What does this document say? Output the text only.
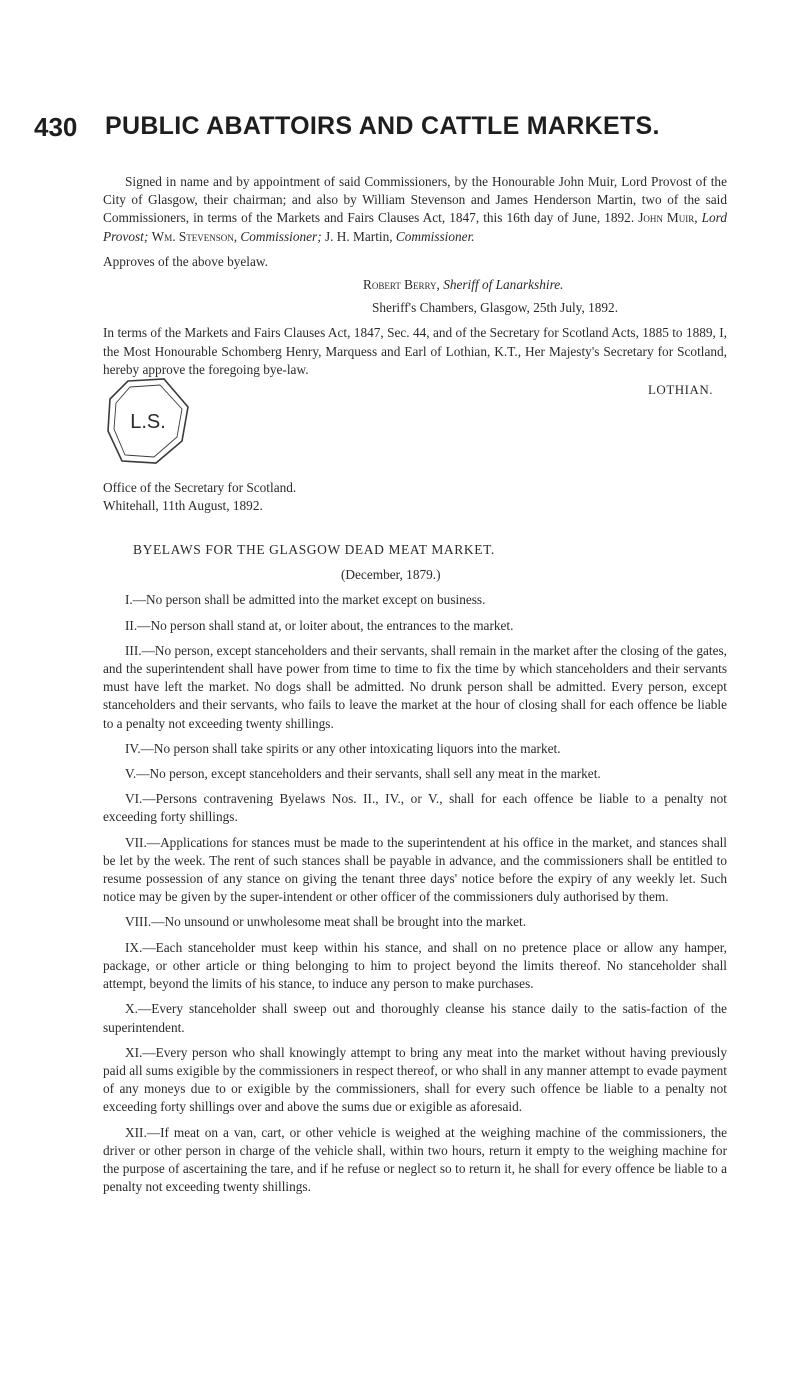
430 PUBLIC ABATTOIRS AND CATTLE MARKETS.

Signed in name and by appointment of said Commissioners, by the Honourable John Muir, Lord Provost of the City of Glasgow, their chairman; and also by William Stevenson and James Henderson Martin, two of the said Commissioners, in terms of the Markets and Fairs Clauses Act, 1847, this 16th day of June, 1892. John Muir, Lord Provost; Wm. Stevenson, Commissioner; J. H. Martin, Commissioner.

Approves of the above byelaw.

Robert Berry, Sheriff of Lanarkshire.

Sheriff's Chambers, Glasgow, 25th July, 1892.

In terms of the Markets and Fairs Clauses Act, 1847, Sec. 44, and of the Secretary for Scotland Acts, 1885 to 1889, I, the Most Honourable Schomberg Henry, Marquess and Earl of Lothian, K.T., Her Majesty's Secretary for Scotland, hereby approve the foregoing bye-law.

L.S.
LOTHIAN.
Office of the Secretary for Scotland.
Whitehall, 11th August, 1892.

BYELAWS FOR THE GLASGOW DEAD MEAT MARKET.

(December, 1879.)

I.—No person shall be admitted into the market except on business.

II.—No person shall stand at, or loiter about, the entrances to the market.

III.—No person, except stanceholders and their servants, shall remain in the market after the closing of the gates, and the superintendent shall have power from time to time to fix the time by which stanceholders and their servants must have left the market. No dogs shall be admitted. No drunk person shall be admitted. Every person, except stanceholders and their servants, who fails to leave the market at the hour of closing shall for each offence be liable to a penalty not exceeding twenty shillings.

IV.—No person shall take spirits or any other intoxicating liquors into the market.

V.—No person, except stanceholders and their servants, shall sell any meat in the market.

VI.—Persons contravening Byelaws Nos. II., IV., or V., shall for each offence be liable to a penalty not exceeding forty shillings.

VII.—Applications for stances must be made to the superintendent at his office in the market, and stances shall be let by the week. The rent of such stances shall be payable in advance, and the commissioners shall be entitled to resume possession of any stance on giving the tenant three days' notice before the expiry of any weekly let. Such notice may be given by the super-intendent or other officer of the commissioners duly authorised by them.

VIII.—No unsound or unwholesome meat shall be brought into the market.

IX.—Each stanceholder must keep within his stance, and shall on no pretence place or allow any hamper, package, or other article or thing belonging to him to project beyond the limits thereof. No stanceholder shall attempt, beyond the limits of his stance, to induce any person to make purchases.

X.—Every stanceholder shall sweep out and thoroughly cleanse his stance daily to the satis-faction of the superintendent.

XI.—Every person who shall knowingly attempt to bring any meat into the market without having previously paid all sums exigible by the commissioners in respect thereof, or who shall in any manner attempt to evade payment of any moneys due to or exigible by the commissioners, shall for every such offence be liable to a penalty not exceeding forty shillings over and above the sums due or exigible as aforesaid.

XII.—If meat on a van, cart, or other vehicle is weighed at the weighing machine of the commissioners, the driver or other person in charge of the vehicle shall, within two hours, return it empty to the weighing machine for the purpose of ascertaining the tare, and if he refuse or neglect so to return it, he shall for every offence be liable to a penalty not exceeding twenty shillings.
